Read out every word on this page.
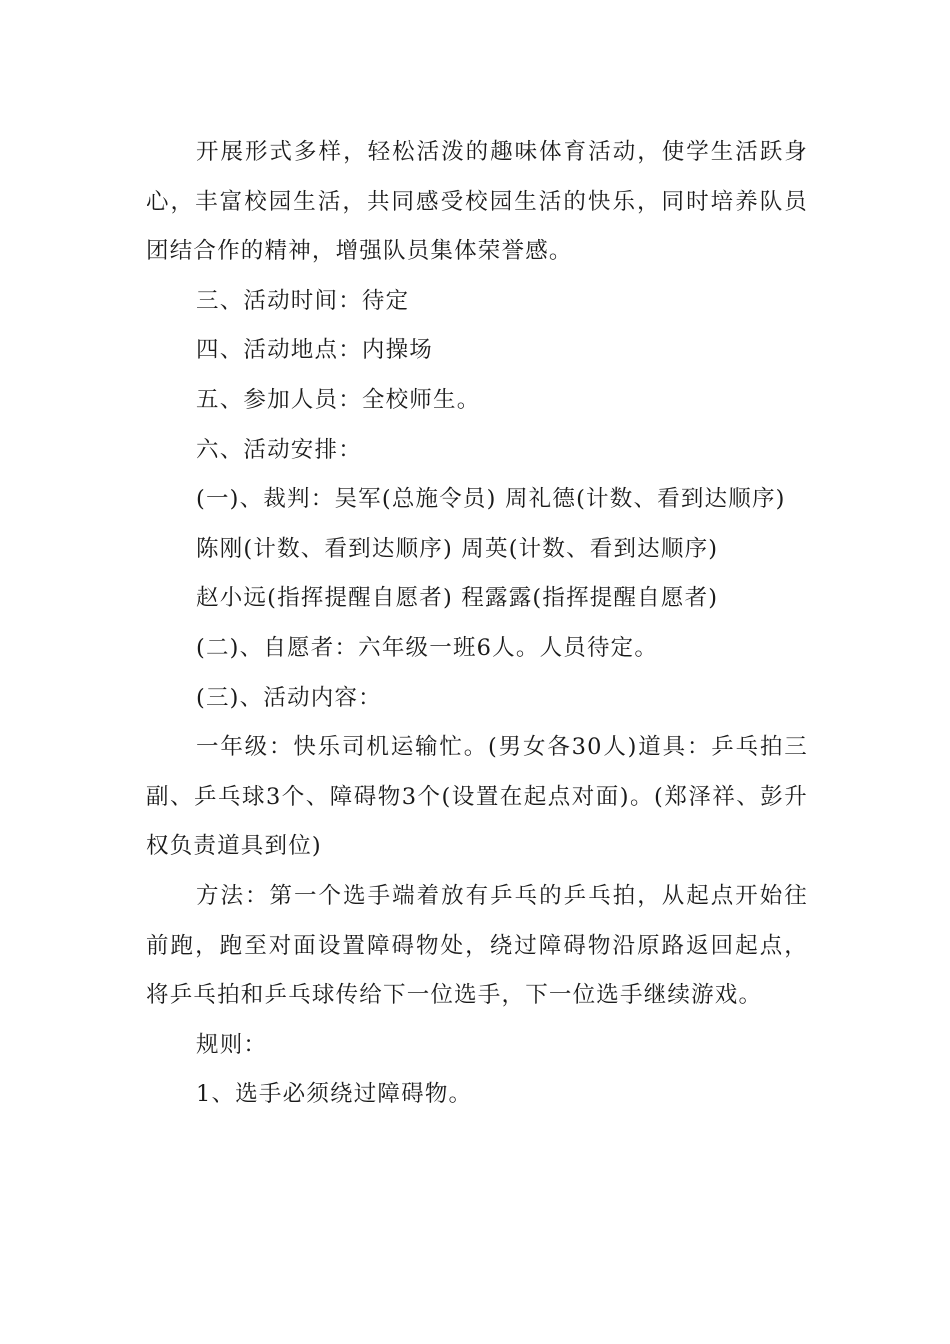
开展形式多样，轻松活泼的趣味体育活动，使学生活跃身心，丰富校园生活，共同感受校园生活的快乐，同时培养队员团结合作的精神，增强队员集体荣誉感。

三、活动时间：待定

四、活动地点：内操场

五、参加人员：全校师生。

六、活动安排：

(一)、裁判：吴军(总施令员) 周礼德(计数、看到达顺序)

陈刚(计数、看到达顺序) 周英(计数、看到达顺序)

赵小远(指挥提醒自愿者) 程露露(指挥提醒自愿者)

(二)、自愿者：六年级一班6人。人员待定。

(三)、活动内容：

一年级：快乐司机运输忙。(男女各30人)道具：乒乓拍三副、乒乓球3个、障碍物3个(设置在起点对面)。(郑泽祥、彭升权负责道具到位)

方法：第一个选手端着放有乒乓的乒乓拍，从起点开始往前跑，跑至对面设置障碍物处，绕过障碍物沿原路返回起点，将乒乓拍和乒乓球传给下一位选手，下一位选手继续游戏。

规则：

1、选手必须绕过障碍物。
